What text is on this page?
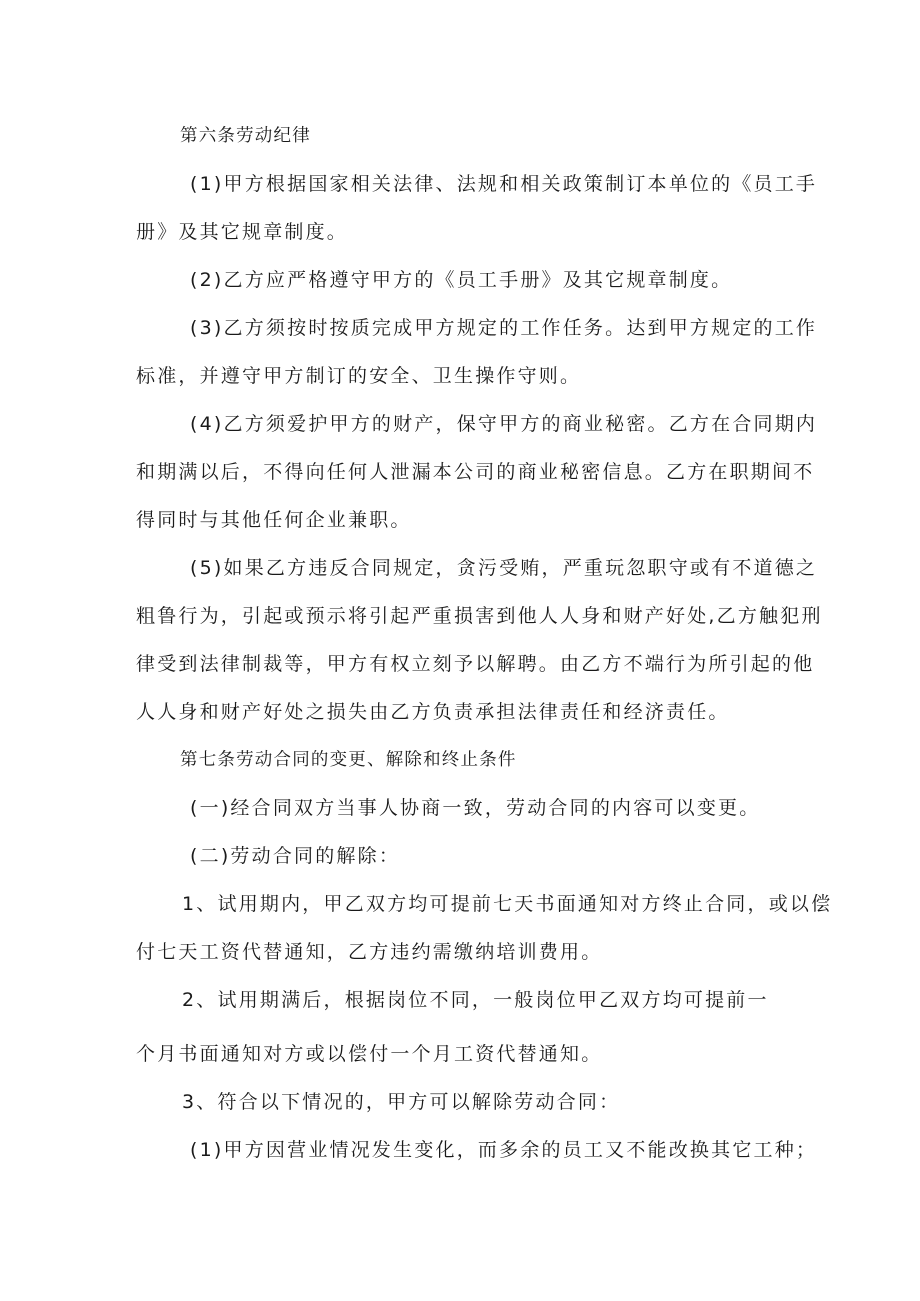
第六条劳动纪律
(1)甲方根据国家相关法律、法规和相关政策制订本单位的《员工手
册》及其它规章制度。
(2)乙方应严格遵守甲方的《员工手册》及其它规章制度。
(3)乙方须按时按质完成甲方规定的工作任务。达到甲方规定的工作
标准，并遵守甲方制订的安全、卫生操作守则。
(4)乙方须爱护甲方的财产，保守甲方的商业秘密。乙方在合同期内
和期满以后，不得向任何人泄漏本公司的商业秘密信息。乙方在职期间不
得同时与其他任何企业兼职。
(5)如果乙方违反合同规定，贪污受贿，严重玩忽职守或有不道德之
粗鲁行为，引起或预示将引起严重损害到他人人身和财产好处,乙方触犯刑
律受到法律制裁等，甲方有权立刻予以解聘。由乙方不端行为所引起的他
人人身和财产好处之损失由乙方负责承担法律责任和经济责任。
第七条劳动合同的变更、解除和终止条件
(一)经合同双方当事人协商一致，劳动合同的内容可以变更。
(二)劳动合同的解除：
1、试用期内，甲乙双方均可提前七天书面通知对方终止合同，或以偿
付七天工资代替通知，乙方违约需缴纳培训费用。
2、试用期满后，根据岗位不同，一般岗位甲乙双方均可提前一
个月书面通知对方或以偿付一个月工资代替通知。
3、符合以下情况的，甲方可以解除劳动合同：
(1)甲方因营业情况发生变化，而多余的员工又不能改换其它工种；
